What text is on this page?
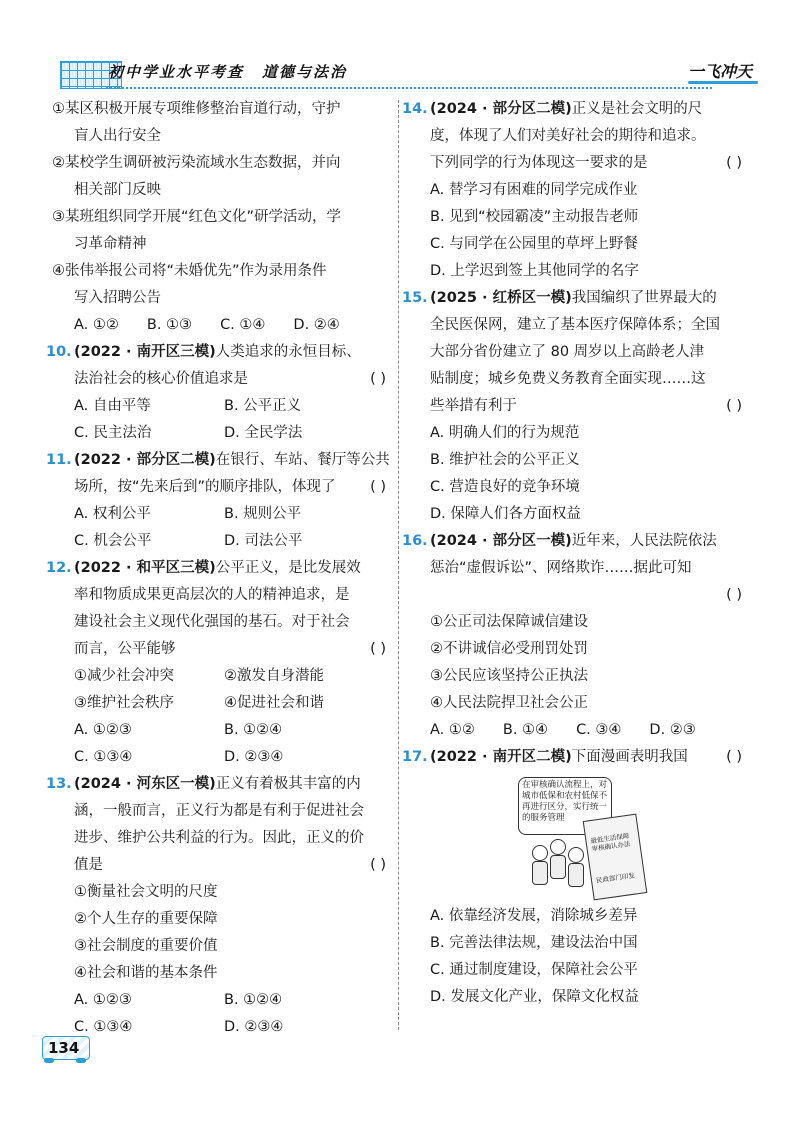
初中学业水平考查 道德与法治	一飞冲天
①某区积极开展专项维修整治盲道行动，守护
盲人出行安全
②某校学生调研被污染流域水生态数据，并向
相关部门反映
③某班组织同学开展“红色文化”研学活动，学
习革命精神
④张伟举报公司将“未婚优先”作为录用条件
写入招聘公告
A. ①② B. ①③ C. ①④ D. ②④
10. (2022 · 南开区三模)人类追求的永恒目标、
法治社会的核心价值追求是	( )
A. 自由平等	B. 公平正义
C. 民主法治	D. 全民学法
11. (2022 · 部分区二模)在银行、车站、餐厅等公共
场所，按“先来后到”的顺序排队，体现了 ( )
A. 权利公平	B. 规则公平
C. 机会公平	D. 司法公平
12. (2022 · 和平区三模)公平正义，是比发展效
率和物质成果更高层次的人的精神追求，是
建设社会主义现代化强国的基石。对于社会
而言，公平能够	( )
①减少社会冲突	②激发自身潜能
③维护社会秩序	④促进社会和谐
A. ①②③	B. ①②④
C. ①③④	D. ②③④
13. (2024 · 河东区一模)正义有着极其丰富的内
涵，一般而言，正义行为都是有利于促进社会
进步、维护公共利益的行为。因此，正义的价
值是	( )
①衡量社会文明的尺度
②个人生存的重要保障
③社会制度的重要价值
④社会和谐的基本条件
A. ①②③	B. ①②④
C. ①③④	D. ②③④
14. (2024 · 部分区二模)正义是社会文明的尺
度，体现了人们对美好社会的期待和追求。
下列同学的行为体现这一要求的是	( )
A. 替学习有困难的同学完成作业
B. 见到“校园霸凌”主动报告老师
C. 与同学在公园里的草坪上野餐
D. 上学迟到签上其他同学的名字
15. (2025 · 红桥区一模)我国编织了世界最大的
全民医保网，建立了基本医疗保障体系；全国
大部分省份建立了 80 周岁以上高龄老人津
贴制度；城乡免费义务教育全面实现……这
些举措有利于	( )
A. 明确人们的行为规范
B. 维护社会的公平正义
C. 营造良好的竞争环境
D. 保障人们各方面权益
16. (2024 · 部分区一模)近年来，人民法院依法
惩治“虚假诉讼”、网络欺诈……据此可知
( )

①公正司法保障诚信建设
②不讲诚信必受刑罚处罚
③公民应该坚持公正执法
④人民法院捍卫社会公正
A. ①② B. ①④ C. ③④ D. ②③
17. (2022 · 南开区二模)下面漫画表明我国	( )
在审核确认流程上，对城市低保和农村低保不再进行区分，实行统一的服务管理
最低生活保障审核确认办法
民政部门印发
A. 依靠经济发展，消除城乡差异
B. 完善法律法规，建设法治中国
C. 通过制度建设，保障社会公平
D. 发展文化产业，保障文化权益
134
